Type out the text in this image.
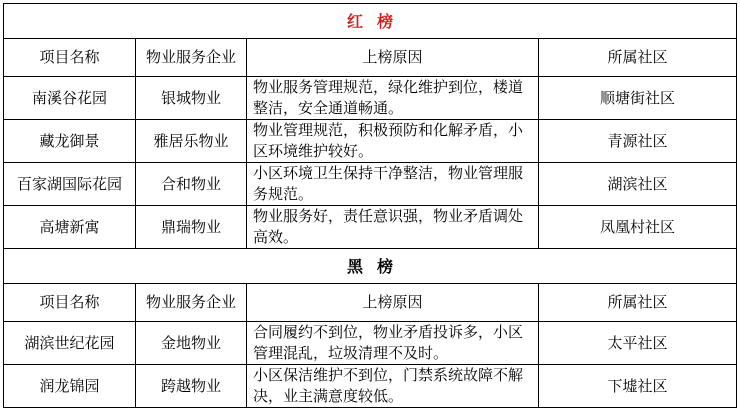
红榜			
项目名称	物业服务企业	上榜原因	所属社区
南溪谷花园	银城物业	物业服务管理规范，绿化维护到位，楼道整洁，安全通道畅通。	顺塘街社区
藏龙御景	雅居乐物业	物业管理规范，积极预防和化解矛盾，小区环境维护较好。	青源社区
百家湖国际花园	合和物业	小区环境卫生保持干净整洁，物业管理服务规范。	湖滨社区
高塘新寓	鼎瑞物业	物业服务好，责任意识强，物业矛盾调处高效。	凤凰村社区
黑榜			
项目名称	物业服务企业	上榜原因	所属社区
湖滨世纪花园	金地物业	合同履约不到位，物业矛盾投诉多，小区管理混乱，垃圾清理不及时。	太平社区
润龙锦园	跨越物业	小区保洁维护不到位，门禁系统故障不解决，业主满意度较低。	下墟社区
